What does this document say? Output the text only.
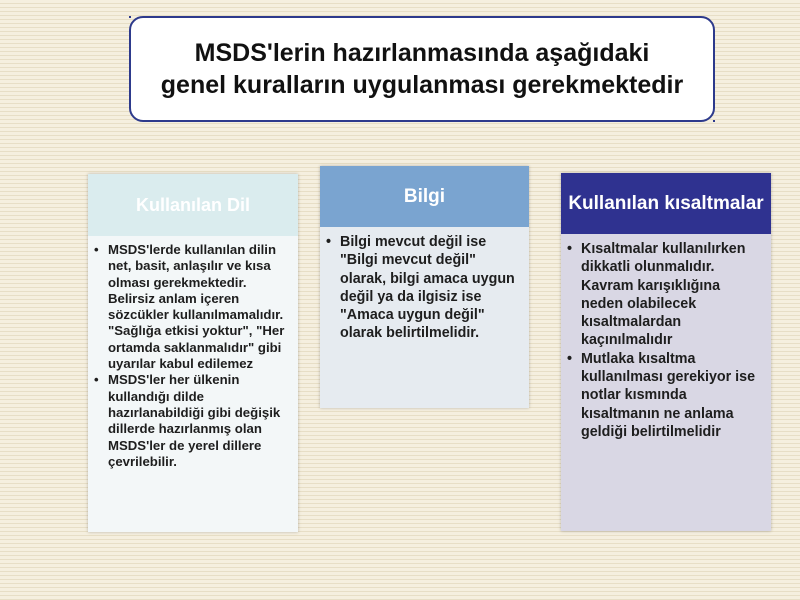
MSDS'lerin hazırlanmasında aşağıdaki
genel kuralların uygulanması gerekmektedir
Kullanılan Dil
• MSDS'lerde kullanılan dilin net, basit, anlaşılır ve kısa olması gerekmektedir. Belirsiz anlam içeren sözcükler kullanılmamalıdır. "Sağlığa etkisi yoktur", "Her ortamda saklanmalıdır" gibi uyarılar kabul edilemez
• MSDS'ler her ülkenin kullandığı dilde hazırlanabildiği gibi değişik dillerde hazırlanmış olan MSDS'ler de yerel dillere çevrilebilir.
Bilgi
• Bilgi mevcut değil ise "Bilgi mevcut değil" olarak, bilgi amaca uygun değil ya da ilgisiz ise "Amaca uygun değil" olarak belirtilmelidir.
Kullanılan kısaltmalar
• Kısaltmalar kullanılırken dikkatli olunmalıdır. Kavram karışıklığına neden olabilecek kısaltmalardan kaçınılmalıdır
• Mutlaka kısaltma kullanılması gerekiyor ise notlar kısmında kısaltmanın ne anlama geldiği belirtilmelidir
